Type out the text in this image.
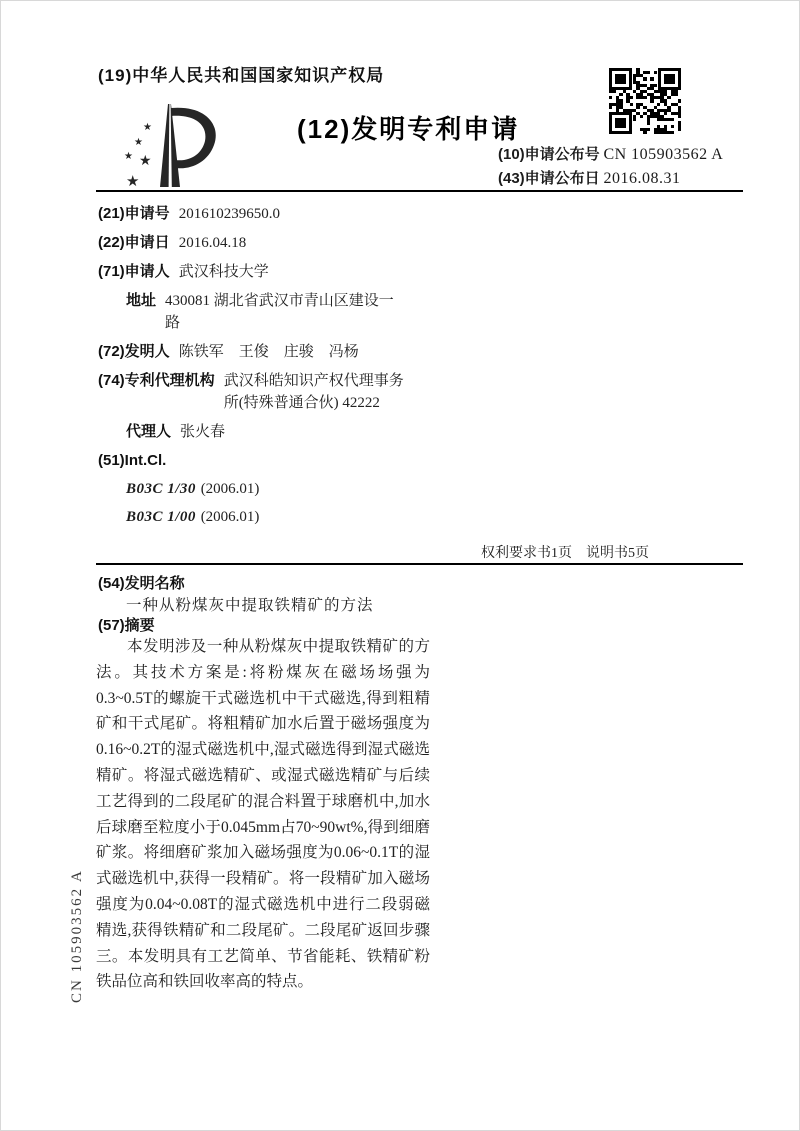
(19)中华人民共和国国家知识产权局
★
★
★ ★
★
(12)发明专利申请
(10)申请公布号 CN 105903562 A
(43)申请公布日 2016.08.31
(21)申请号 201610239650.0
(22)申请日 2016.04.18
(71)申请人 武汉科技大学
地址 430081 湖北省武汉市青山区建设一路
(72)发明人 陈铁军　王俊　庄骏　冯杨
(74)专利代理机构 武汉科皓知识产权代理事务所(特殊普通合伙) 42222
代理人 张火春
(51)Int.Cl.
B03C 1/30 (2006.01)
B03C 1/00 (2006.01)
权利要求书1页　说明书5页
(54)发明名称
一种从粉煤灰中提取铁精矿的方法
(57)摘要
本发明涉及一种从粉煤灰中提取铁精矿的方法。其技术方案是:将粉煤灰在磁场场强为0.3~0.5T的螺旋干式磁选机中干式磁选,得到粗精矿和干式尾矿。将粗精矿加水后置于磁场强度为0.16~0.2T的湿式磁选机中,湿式磁选得到湿式磁选精矿。将湿式磁选精矿、或湿式磁选精矿与后续工艺得到的二段尾矿的混合料置于球磨机中,加水后球磨至粒度小于0.045mm占70~90wt%,得到细磨矿浆。将细磨矿浆加入磁场强度为0.06~0.1T的湿式磁选机中,获得一段精矿。将一段精矿加入磁场强度为0.04~0.08T的湿式磁选机中进行二段弱磁精选,获得铁精矿和二段尾矿。二段尾矿返回步骤三。本发明具有工艺简单、节省能耗、铁精矿粉铁品位高和铁回收率高的特点。
CN 105903562 A
